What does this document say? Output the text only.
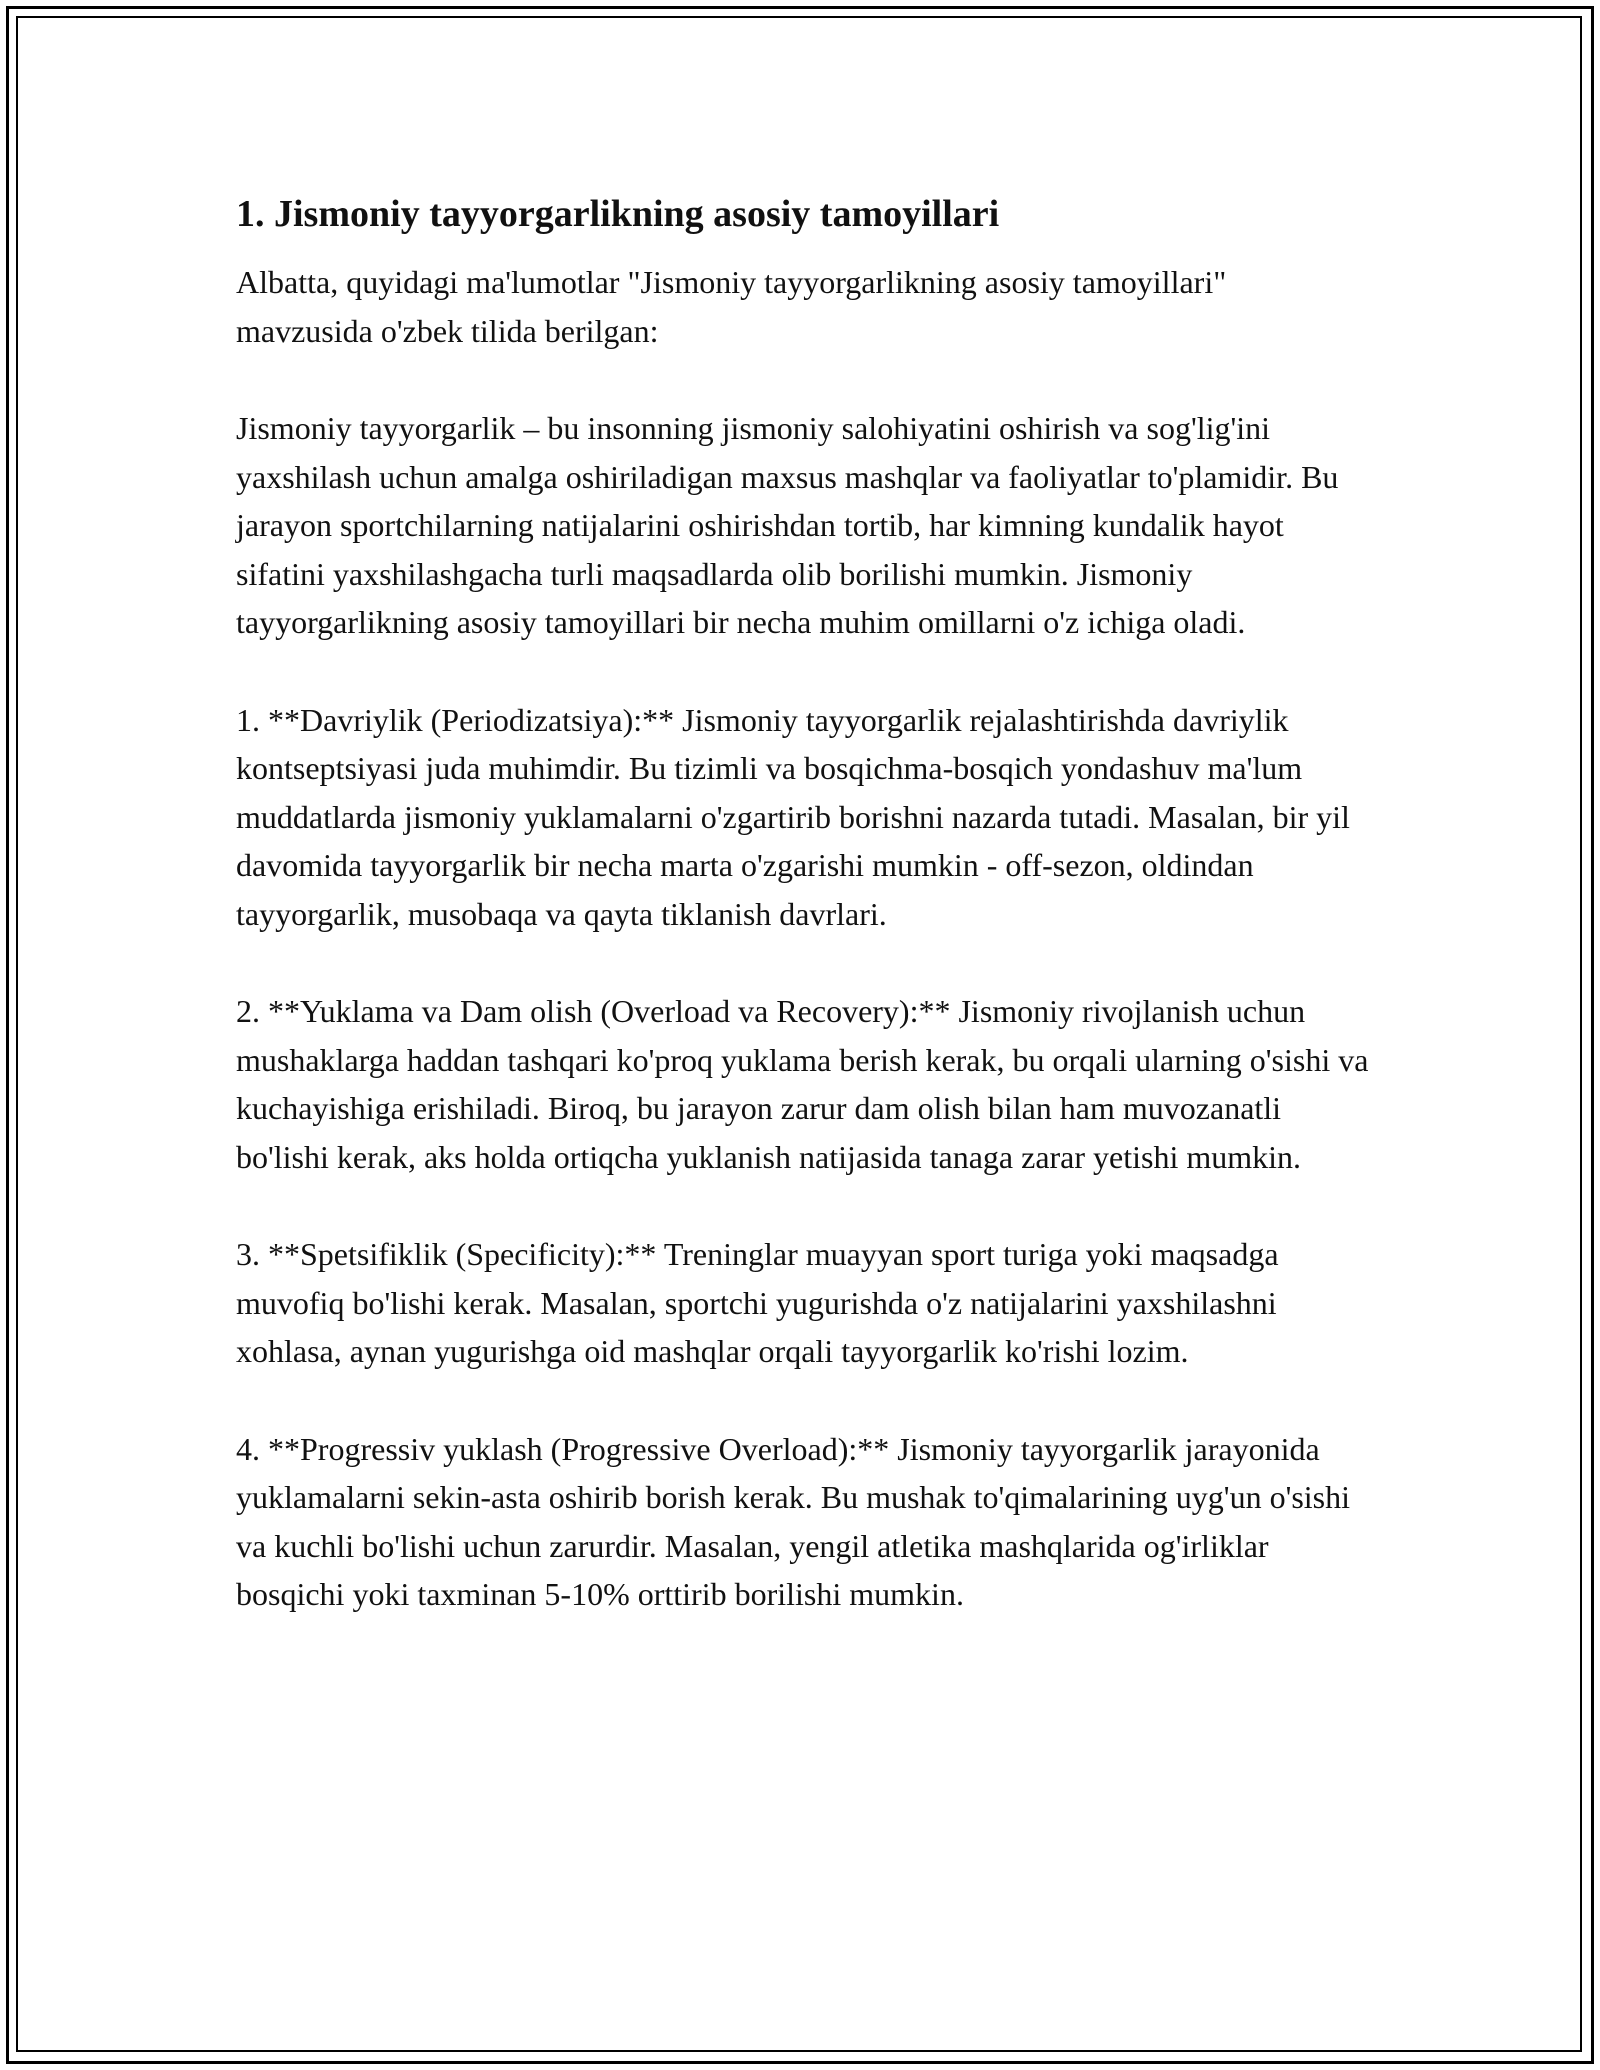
1. Jismoniy tayyorgarlikning asosiy tamoyillari

Albatta, quyidagi ma'lumotlar "Jismoniy tayyorgarlikning asosiy tamoyillari" mavzusida o'zbek tilida berilgan:

Jismoniy tayyorgarlik – bu insonning jismoniy salohiyatini oshirish va sog'lig'ini yaxshilash uchun amalga oshiriladigan maxsus mashqlar va faoliyatlar to'plamidir. Bu jarayon sportchilarning natijalarini oshirishdan tortib, har kimning kundalik hayot sifatini yaxshilashgacha turli maqsadlarda olib borilishi mumkin. Jismoniy tayyorgarlikning asosiy tamoyillari bir necha muhim omillarni o'z ichiga oladi.

1. **Davriylik (Periodizatsiya):** Jismoniy tayyorgarlik rejalashtirishda davriylik kontseptsiyasi juda muhimdir. Bu tizimli va bosqichma-bosqich yondashuv ma'lum muddatlarda jismoniy yuklamalarni o'zgartirib borishni nazarda tutadi. Masalan, bir yil davomida tayyorgarlik bir necha marta o'zgarishi mumkin - off-sezon, oldindan tayyorgarlik, musobaqa va qayta tiklanish davrlari.

2. **Yuklama va Dam olish (Overload va Recovery):** Jismoniy rivojlanish uchun mushaklarga haddan tashqari ko'proq yuklama berish kerak, bu orqali ularning o'sishi va kuchayishiga erishiladi. Biroq, bu jarayon zarur dam olish bilan ham muvozanatli bo'lishi kerak, aks holda ortiqcha yuklanish natijasida tanaga zarar yetishi mumkin.

3. **Spetsifiklik (Specificity):** Treninglar muayyan sport turiga yoki maqsadga muvofiq bo'lishi kerak. Masalan, sportchi yugurishda o'z natijalarini yaxshilashni xohlasa, aynan yugurishga oid mashqlar orqali tayyorgarlik ko'rishi lozim.

4. **Progressiv yuklash (Progressive Overload):** Jismoniy tayyorgarlik jarayonida yuklamalarni sekin-asta oshirib borish kerak. Bu mushak to'qimalarining uyg'un o'sishi va kuchli bo'lishi uchun zarurdir. Masalan, yengil atletika mashqlarida og'irliklar bosqichi yoki taxminan 5-10% orttirib borilishi mumkin.
